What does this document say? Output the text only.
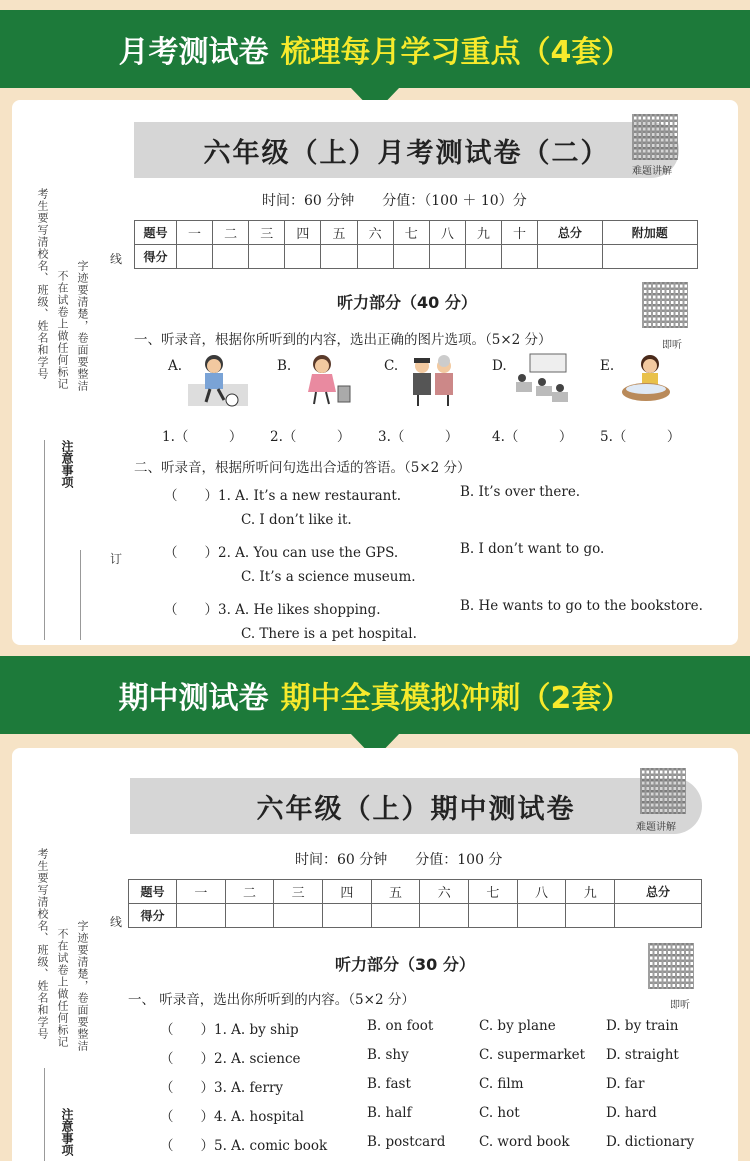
月考测试卷 梳理每月学习重点（4套）
考生要写清校名、班级、姓名和学号 不在试卷上做任何标记 字迹要清楚，卷面要整洁
注意事项
线
订
六年级（上）月考测试卷（二）
难题讲解
时间：60 分钟　　分值：（100 ＋ 10）分
题号	一	二	三	四	五	六	七	八	九	十	总分	附加题
得分												
听力部分（40 分）
即听
一、听录音，根据你所听到的内容，选出正确的图片选项。（5×2 分）
A.	B.	C.	D.	E.
1.（　　　） 2.（　　　） 3.（　　　） 4.（　　　） 5.（　　　）
二、听录音，根据所听问句选出合适的答语。（5×2 分）
（　　）1. A. It’s a new restaurant.	B. It’s over there.
C. I don’t like it.
（　　）2. A. You can use the GPS.	B. I don’t want to go.
C. It’s a science museum.
（　　）3. A. He likes shopping.	B. He wants to go to the bookstore.
C. There is a pet hospital.
期中测试卷 期中全真模拟冲刺（2套）
考生要写清校名、班级、姓名和学号 不在试卷上做任何标记 字迹要清楚，卷面要整洁
注意事项
线
六年级（上）期中测试卷
难题讲解
时间：60 分钟　　分值：100 分
题号	一	二	三	四	五	六	七	八	九	总分
得分										
听力部分（30 分）
即听
一、 听录音，选出你所听到的内容。（5×2 分）
（　　）1. A. by ship	B. on foot	C. by plane	D. by train
（　　）2. A. science	B. shy	C. supermarket D. straight
（　　）3. A. ferry	B. fast	C. film	D. far
（　　）4. A. hospital	B. half	C. hot	D. hard
（　　）5. A. comic book	B. postcard C. word book	D. dictionary
